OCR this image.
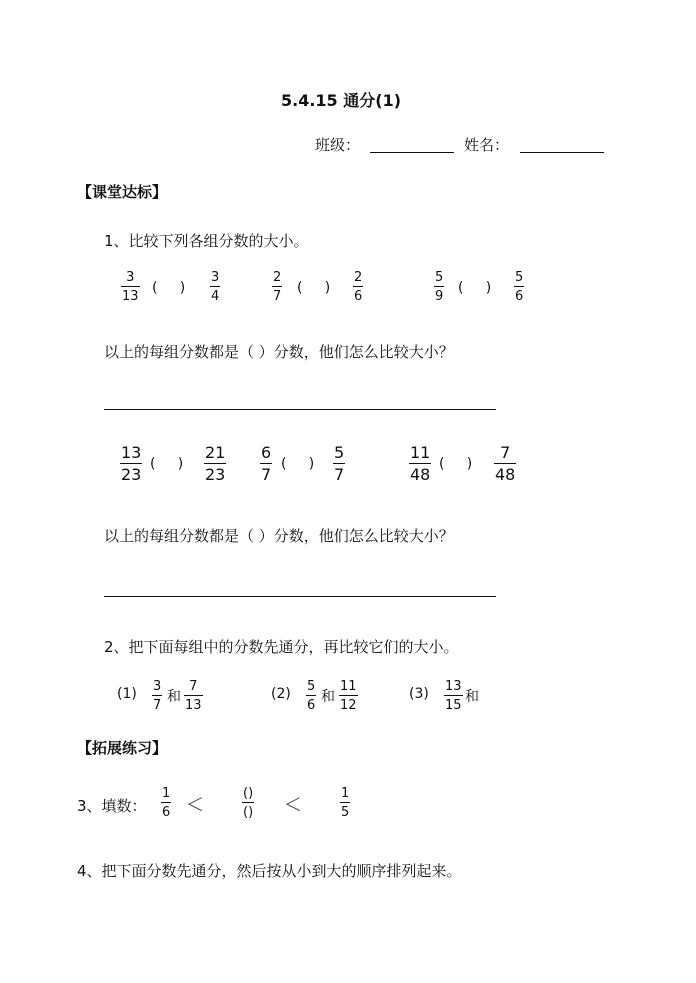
5.4.15 通分(1)
班级：	姓名：
【课堂达标】
1、比较下列各组分数的大小。
$\frac{3}{13}$ (     ) $\frac{3}{4}$	$\frac{2}{7}$ (     ) $\frac{2}{6}$	$\frac{5}{9}$ (     ) $\frac{5}{6}$
以上的每组分数都是（ ）分数，他们怎么比较大小？
$\frac{13}{23}$ (     ) $\frac{21}{23} \frac{6}{7}$ (     ) $\frac{5}{7}$	$\frac{11}{48}$ (     ) $\frac{7}{48}$
以上的每组分数都是（ ）分数，他们怎么比较大小？
2、把下面每组中的分数先通分，再比较它们的大小。
$(1) \frac{3}{7}$ 和 $\frac{7}{13}$	$(2) \frac{5}{6}$ 和 $\frac{11}{12}$	$(3) \frac{13}{15}$ 和
【拓展练习】
3、填数： $\frac{1}{6}$ ＜
()
() ＜	$\frac{1}{5}$
4、把下面分数先通分，然后按从小到大的顺序排列起来。
